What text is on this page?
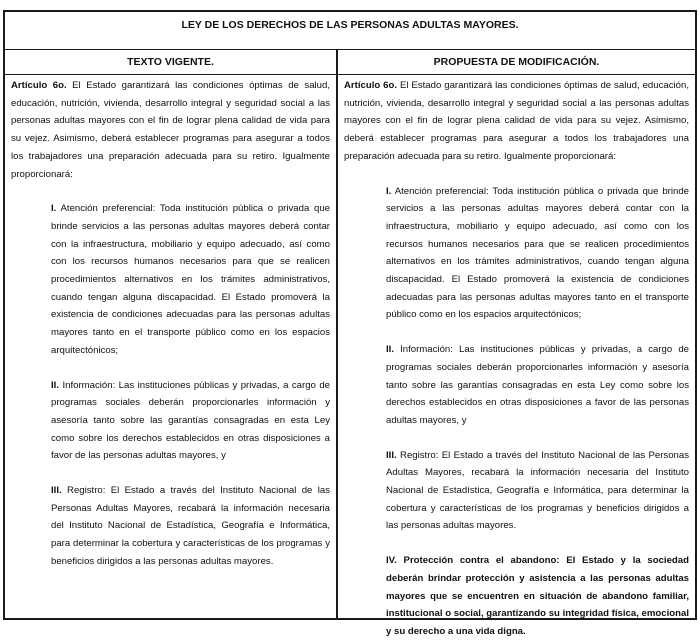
LEY DE LOS DERECHOS DE LAS PERSONAS ADULTAS MAYORES.
TEXTO VIGENTE.	PROPUESTA DE MODIFICACIÓN.

Artículo 6o. El Estado garantizará las condiciones óptimas de salud, educación, nutrición, vivienda, desarrollo integral y seguridad social a las personas adultas mayores con el fin de lograr plena calidad de vida para su vejez. Asimismo, deberá establecer programas para asegurar a todos los trabajadores una preparación adecuada para su retiro. Igualmente proporcionará:

I. Atención preferencial: Toda institución pública o privada que brinde servicios a las personas adultas mayores deberá contar con la infraestructura, mobiliario y equipo adecuado, así como con los recursos humanos necesarios para que se realicen procedimientos alternativos en los trámites administrativos, cuando tengan alguna discapacidad. El Estado promoverá la existencia de condiciones adecuadas para las personas adultas mayores tanto en el transporte público como en los espacios arquitectónicos;

II. Información: Las instituciones públicas y privadas, a cargo de programas sociales deberán proporcionarles información y asesoría tanto sobre las garantías consagradas en esta Ley como sobre los derechos establecidos en otras disposiciones a favor de las personas adultas mayores, y

III. Registro: El Estado a través del Instituto Nacional de las Personas Adultas Mayores, recabará la información necesaria del Instituto Nacional de Estadística, Geografía e Informática, para determinar la cobertura y características de los programas y beneficios dirigidos a las personas adultas mayores.

Artículo 6o. El Estado garantizará las condiciones óptimas de salud, educación, nutrición, vivienda, desarrollo integral y seguridad social a las personas adultas mayores con el fin de lograr plena calidad de vida para su vejez. Asimismo, deberá establecer programas para asegurar a todos los trabajadores una preparación adecuada para su retiro. Igualmente proporcionará:

I. Atención preferencial: Toda institución pública o privada que brinde servicios a las personas adultas mayores deberá contar con la infraestructura, mobiliario y equipo adecuado, así como con los recursos humanos necesarios para que se realicen procedimientos alternativos en los trámites administrativos, cuando tengan alguna discapacidad. El Estado promoverá la existencia de condiciones adecuadas para las personas adultas mayores tanto en el transporte público como en los espacios arquitectónicos;

II. Información: Las instituciones públicas y privadas, a cargo de programas sociales deberán proporcionarles información y asesoría tanto sobre las garantías consagradas en esta Ley como sobre los derechos establecidos en otras disposiciones a favor de las personas adultas mayores, y

III. Registro: El Estado a través del Instituto Nacional de las Personas Adultas Mayores, recabará la información necesaria del Instituto Nacional de Estadística, Geografía e Informática, para determinar la cobertura y características de los programas y beneficios dirigidos a las personas adultas mayores.

IV. Protección contra el abandono: El Estado y la sociedad deberán brindar protección y asistencia a las personas adultas mayores que se encuentren en situación de abandono familiar, institucional o social, garantizando su integridad física, emocional y su derecho a una vida digna.
